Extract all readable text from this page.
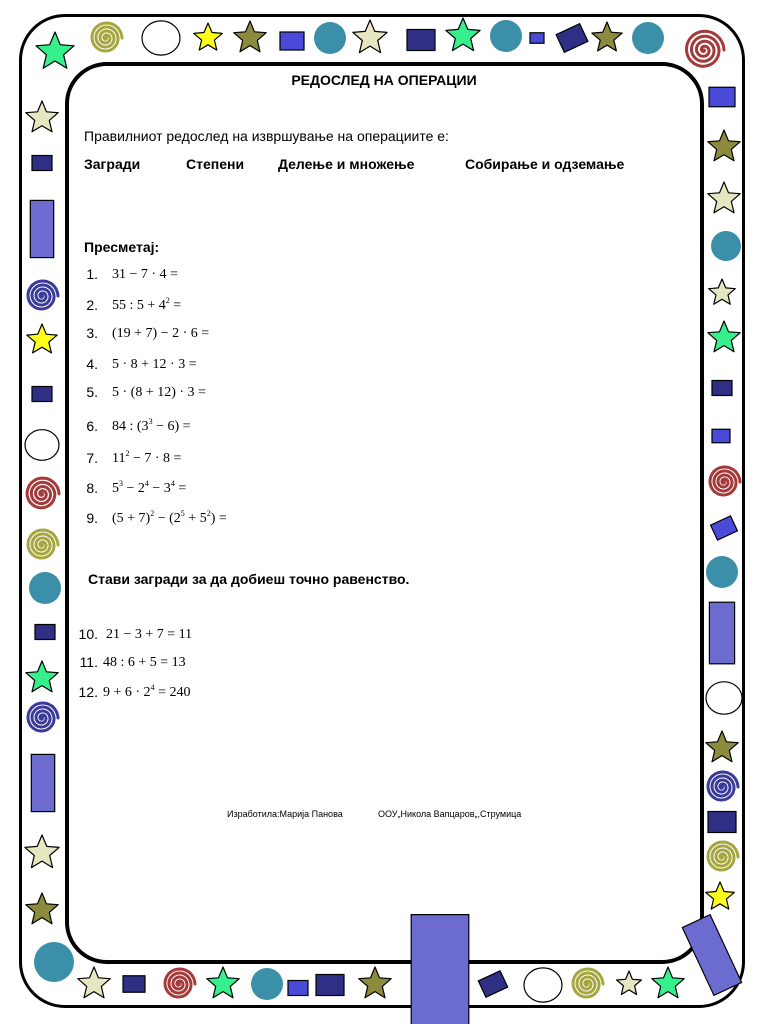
РЕДОСЛЕД НА ОПЕРАЦИИ
Правилниот редослед на извршување на операциите е:
Загради	Степени Делење и множење	Собирање и одземање
Пресметај:
1. 31 − 7 · 4 =
2. 55 : $5 + 4^2$ =
3. (19 + 7) − 2 · 6 =
4. 5 · 8 + 12 · 3 =
5. 5 · (8 + 12) · 3 =
6. 84 : $(3^3 - 6)$ =
7. $11^2 - 7 \cdot 8$ =
8. $5^3 - 2^4 - 3^4$ =
9. $(5 + 7)^2 - (2^5 + 5^2)$ =
Стави загради за да добиеш точно равенство.
10. 21 − 3 + 7 = 11
11. 48 : 6 + 5 = 13
12. $9 + 6 \cdot 2^4 = 240$
Изработила:Марија Панова	ООУ„Никола Вапцаров„,Струмица
